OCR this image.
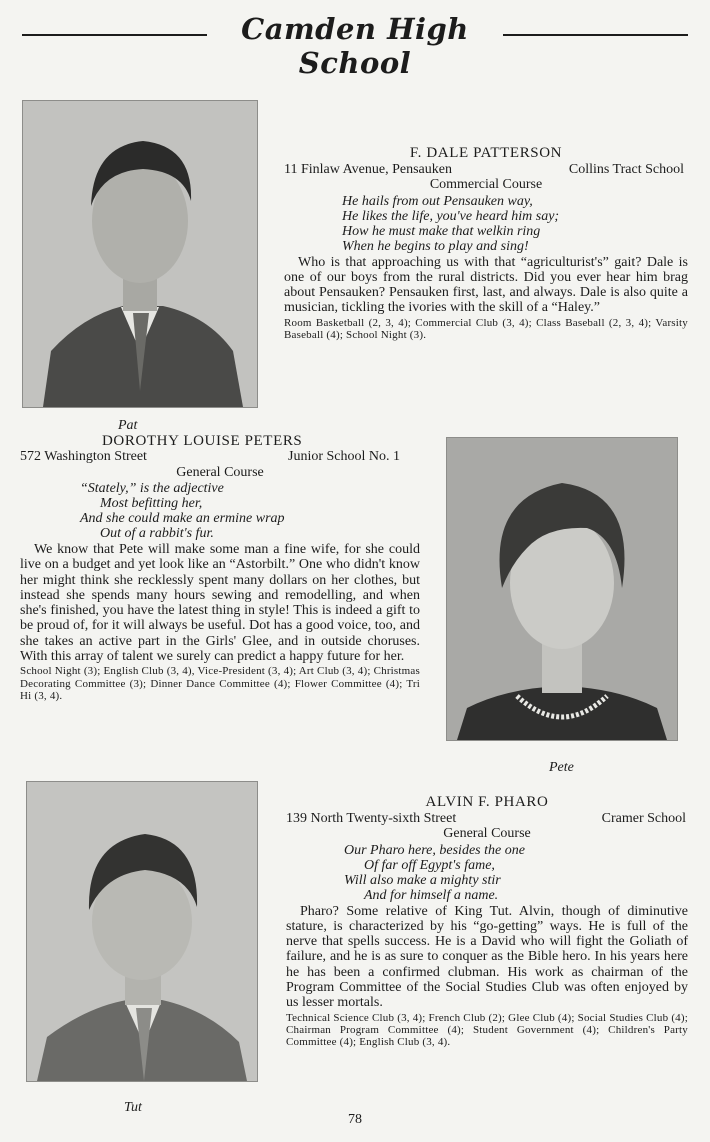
Camden High School
F. DALE PATTERSON
11 Finlaw Avenue, Pensauken	Collins Tract School
Commercial Course
He hails from out Pensauken way,
He likes the life, you've heard him say;
How he must make that welkin ring
When he begins to play and sing!
Who is that approaching us with that “agriculturist's” gait? Dale is one of our boys from the rural districts. Did you ever hear him brag about Pensauken? Pensauken first, last, and always. Dale is also quite a musician, tickling the ivories with the skill of a “Haley.”
Room Basketball (2, 3, 4); Commercial Club (3, 4); Class Baseball (2, 3, 4); Varsity Baseball (4); School Night (3).
Pat
DOROTHY LOUISE PETERS
572 Washington Street	Junior School No. 1
General Course
“Stately,” is the adjective
Most befitting her,
And she could make an ermine wrap
Out of a rabbit's fur.
We know that Pete will make some man a fine wife, for she could live on a budget and yet look like an “Astorbilt.” One who didn't know her might think she recklessly spent many dollars on her clothes, but instead she spends many hours sewing and remodelling, and when she's finished, you have the latest thing in style! This is indeed a gift to be proud of, for it will always be useful. Dot has a good voice, too, and she takes an active part in the Girls' Glee, and in outside choruses. With this array of talent we surely can predict a happy future for her.
School Night (3); English Club (3, 4), Vice-President (3, 4); Art Club (3, 4); Christmas Decorating Committee (3); Dinner Dance Committee (4); Flower Committee (4); Tri Hi (3, 4).
Pete
Tut
ALVIN F. PHARO
139 North Twenty-sixth Street	Cramer School
General Course
Our Pharo here, besides the one
Of far off Egypt's fame,
Will also make a mighty stir
And for himself a name.
Pharo? Some relative of King Tut. Alvin, though of diminutive stature, is characterized by his “go-getting” ways. He is full of the nerve that spells success. He is a David who will fight the Goliath of failure, and he is as sure to conquer as the Bible hero. In his years here he has been a confirmed clubman. His work as chairman of the Program Committee of the Social Studies Club was often enjoyed by us lesser mortals.
Technical Science Club (3, 4); French Club (2); Glee Club (4); Social Studies Club (4); Chairman Program Committee (4); Student Government (4); Children's Party Committee (4); English Club (3, 4).
78
